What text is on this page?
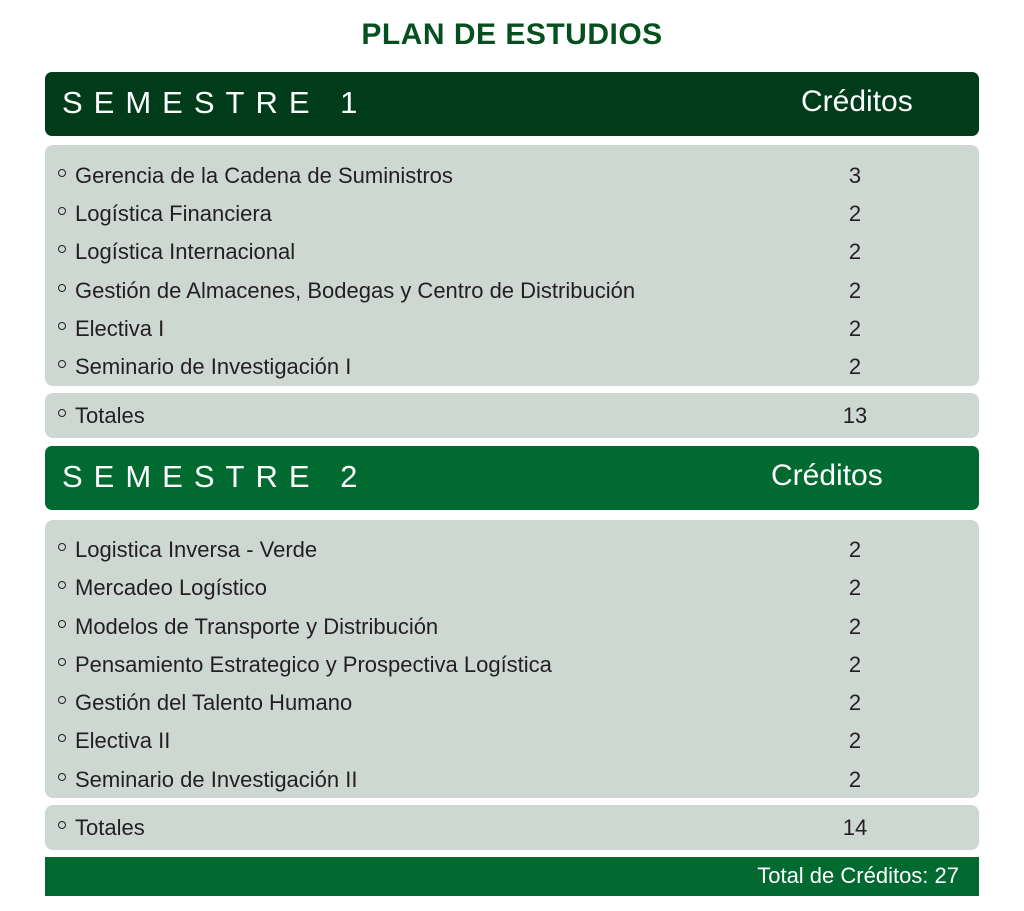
PLAN DE ESTUDIOS
SEMESTRE 1	Créditos
Gerencia de la Cadena de Suministros	3
Logística Financiera	2
Logística Internacional	2
Gestión de Almacenes, Bodegas y Centro de Distribución	2
Electiva I	2
Seminario de Investigación I	2
Totales	13
SEMESTRE 2	Créditos
Logistica Inversa - Verde	2
Mercadeo Logístico	2
Modelos de Transporte y Distribución	2
Pensamiento Estrategico y Prospectiva Logística	2
Gestión del Talento Humano	2
Electiva II	2
Seminario de Investigación II	2
Totales	14
Total de Créditos: 27
